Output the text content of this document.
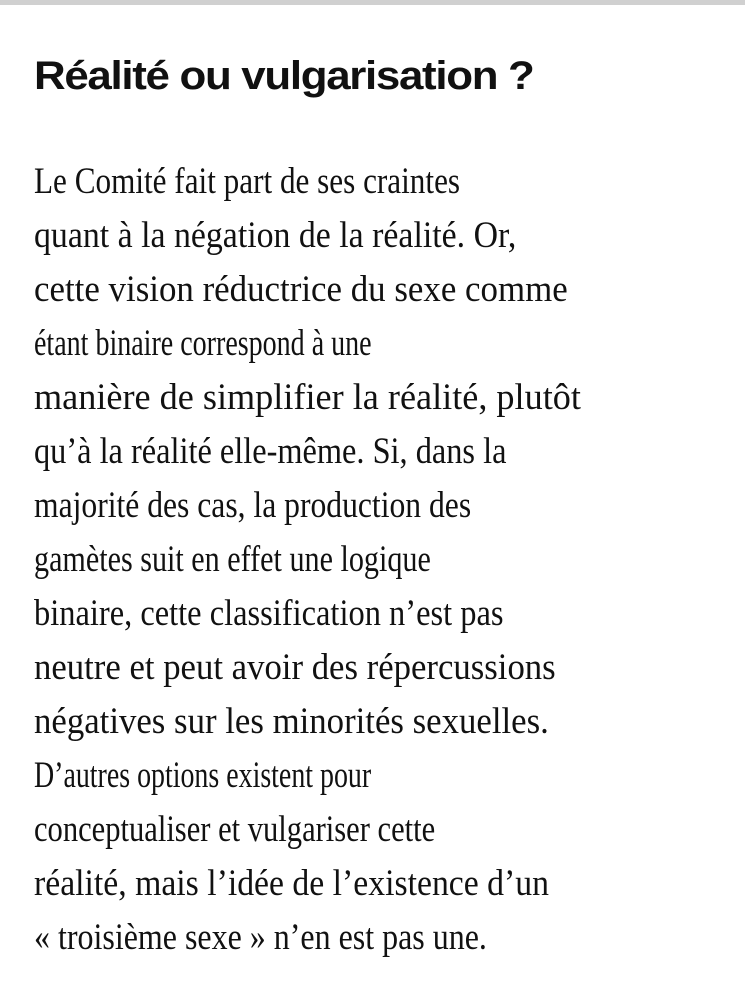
Réalité ou vulgarisation ?

Le Comité fait part de ses craintes
quant à la négation de la réalité. Or,
cette vision réductrice du sexe comme
étant binaire correspond à une
manière de simplifier la réalité, plutôt
qu’à la réalité elle-même. Si, dans la
majorité des cas, la production des
gamètes suit en effet une logique
binaire, cette classification n’est pas
neutre et peut avoir des répercussions
négatives sur les minorités sexuelles.
D’autres options existent pour
conceptualiser et vulgariser cette
réalité, mais l’idée de l’existence d’un
« troisième sexe » n’en est pas une.
